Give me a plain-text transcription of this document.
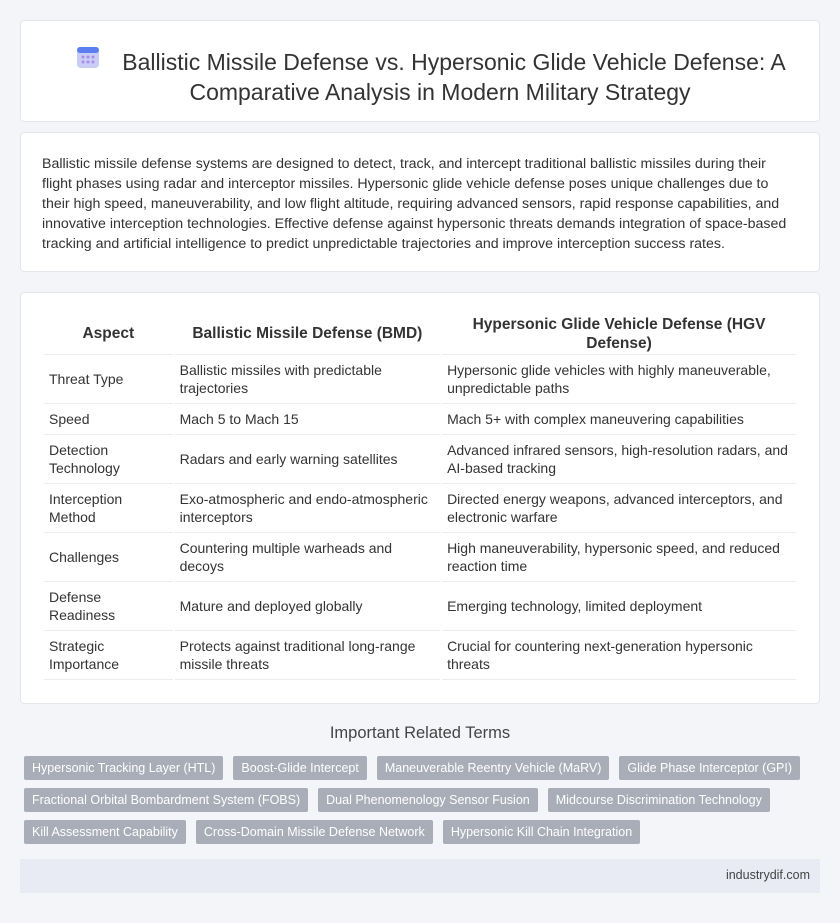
Ballistic Missile Defense vs. Hypersonic Glide Vehicle Defense: A Comparative Analysis in Modern Military Strategy

Ballistic missile defense systems are designed to detect, track, and intercept traditional ballistic missiles during their flight phases using radar and interceptor missiles. Hypersonic glide vehicle defense poses unique challenges due to their high speed, maneuverability, and low flight altitude, requiring advanced sensors, rapid response capabilities, and innovative interception technologies. Effective defense against hypersonic threats demands integration of space-based tracking and artificial intelligence to predict unpredictable trajectories and improve interception success rates.

Aspect	Ballistic Missile Defense (BMD)	Hypersonic Glide Vehicle Defense (HGV Defense)
Threat Type	Ballistic missiles with predictable trajectories	Hypersonic glide vehicles with highly maneuverable, unpredictable paths
Speed	Mach 5 to Mach 15	Mach 5+ with complex maneuvering capabilities
Detection Technology	Radars and early warning satellites	Advanced infrared sensors, high-resolution radars, and AI-based tracking
Interception Method	Exo-atmospheric and endo-atmospheric interceptors	Directed energy weapons, advanced interceptors, and electronic warfare
Challenges	Countering multiple warheads and decoys	High maneuverability, hypersonic speed, and reduced reaction time
Defense Readiness	Mature and deployed globally	Emerging technology, limited deployment
Strategic Importance	Protects against traditional long-range missile threats	Crucial for countering next-generation hypersonic threats
Important Related Terms
Hypersonic Tracking Layer (HTL)	Boost-Glide Intercept	Maneuverable Reentry Vehicle (MaRV)	Glide Phase Interceptor (GPI)
Fractional Orbital Bombardment System (FOBS)	Dual Phenomenology Sensor Fusion	Midcourse Discrimination Technology
Kill Assessment Capability	Cross-Domain Missile Defense Network	Hypersonic Kill Chain Integration
industrydif.com
